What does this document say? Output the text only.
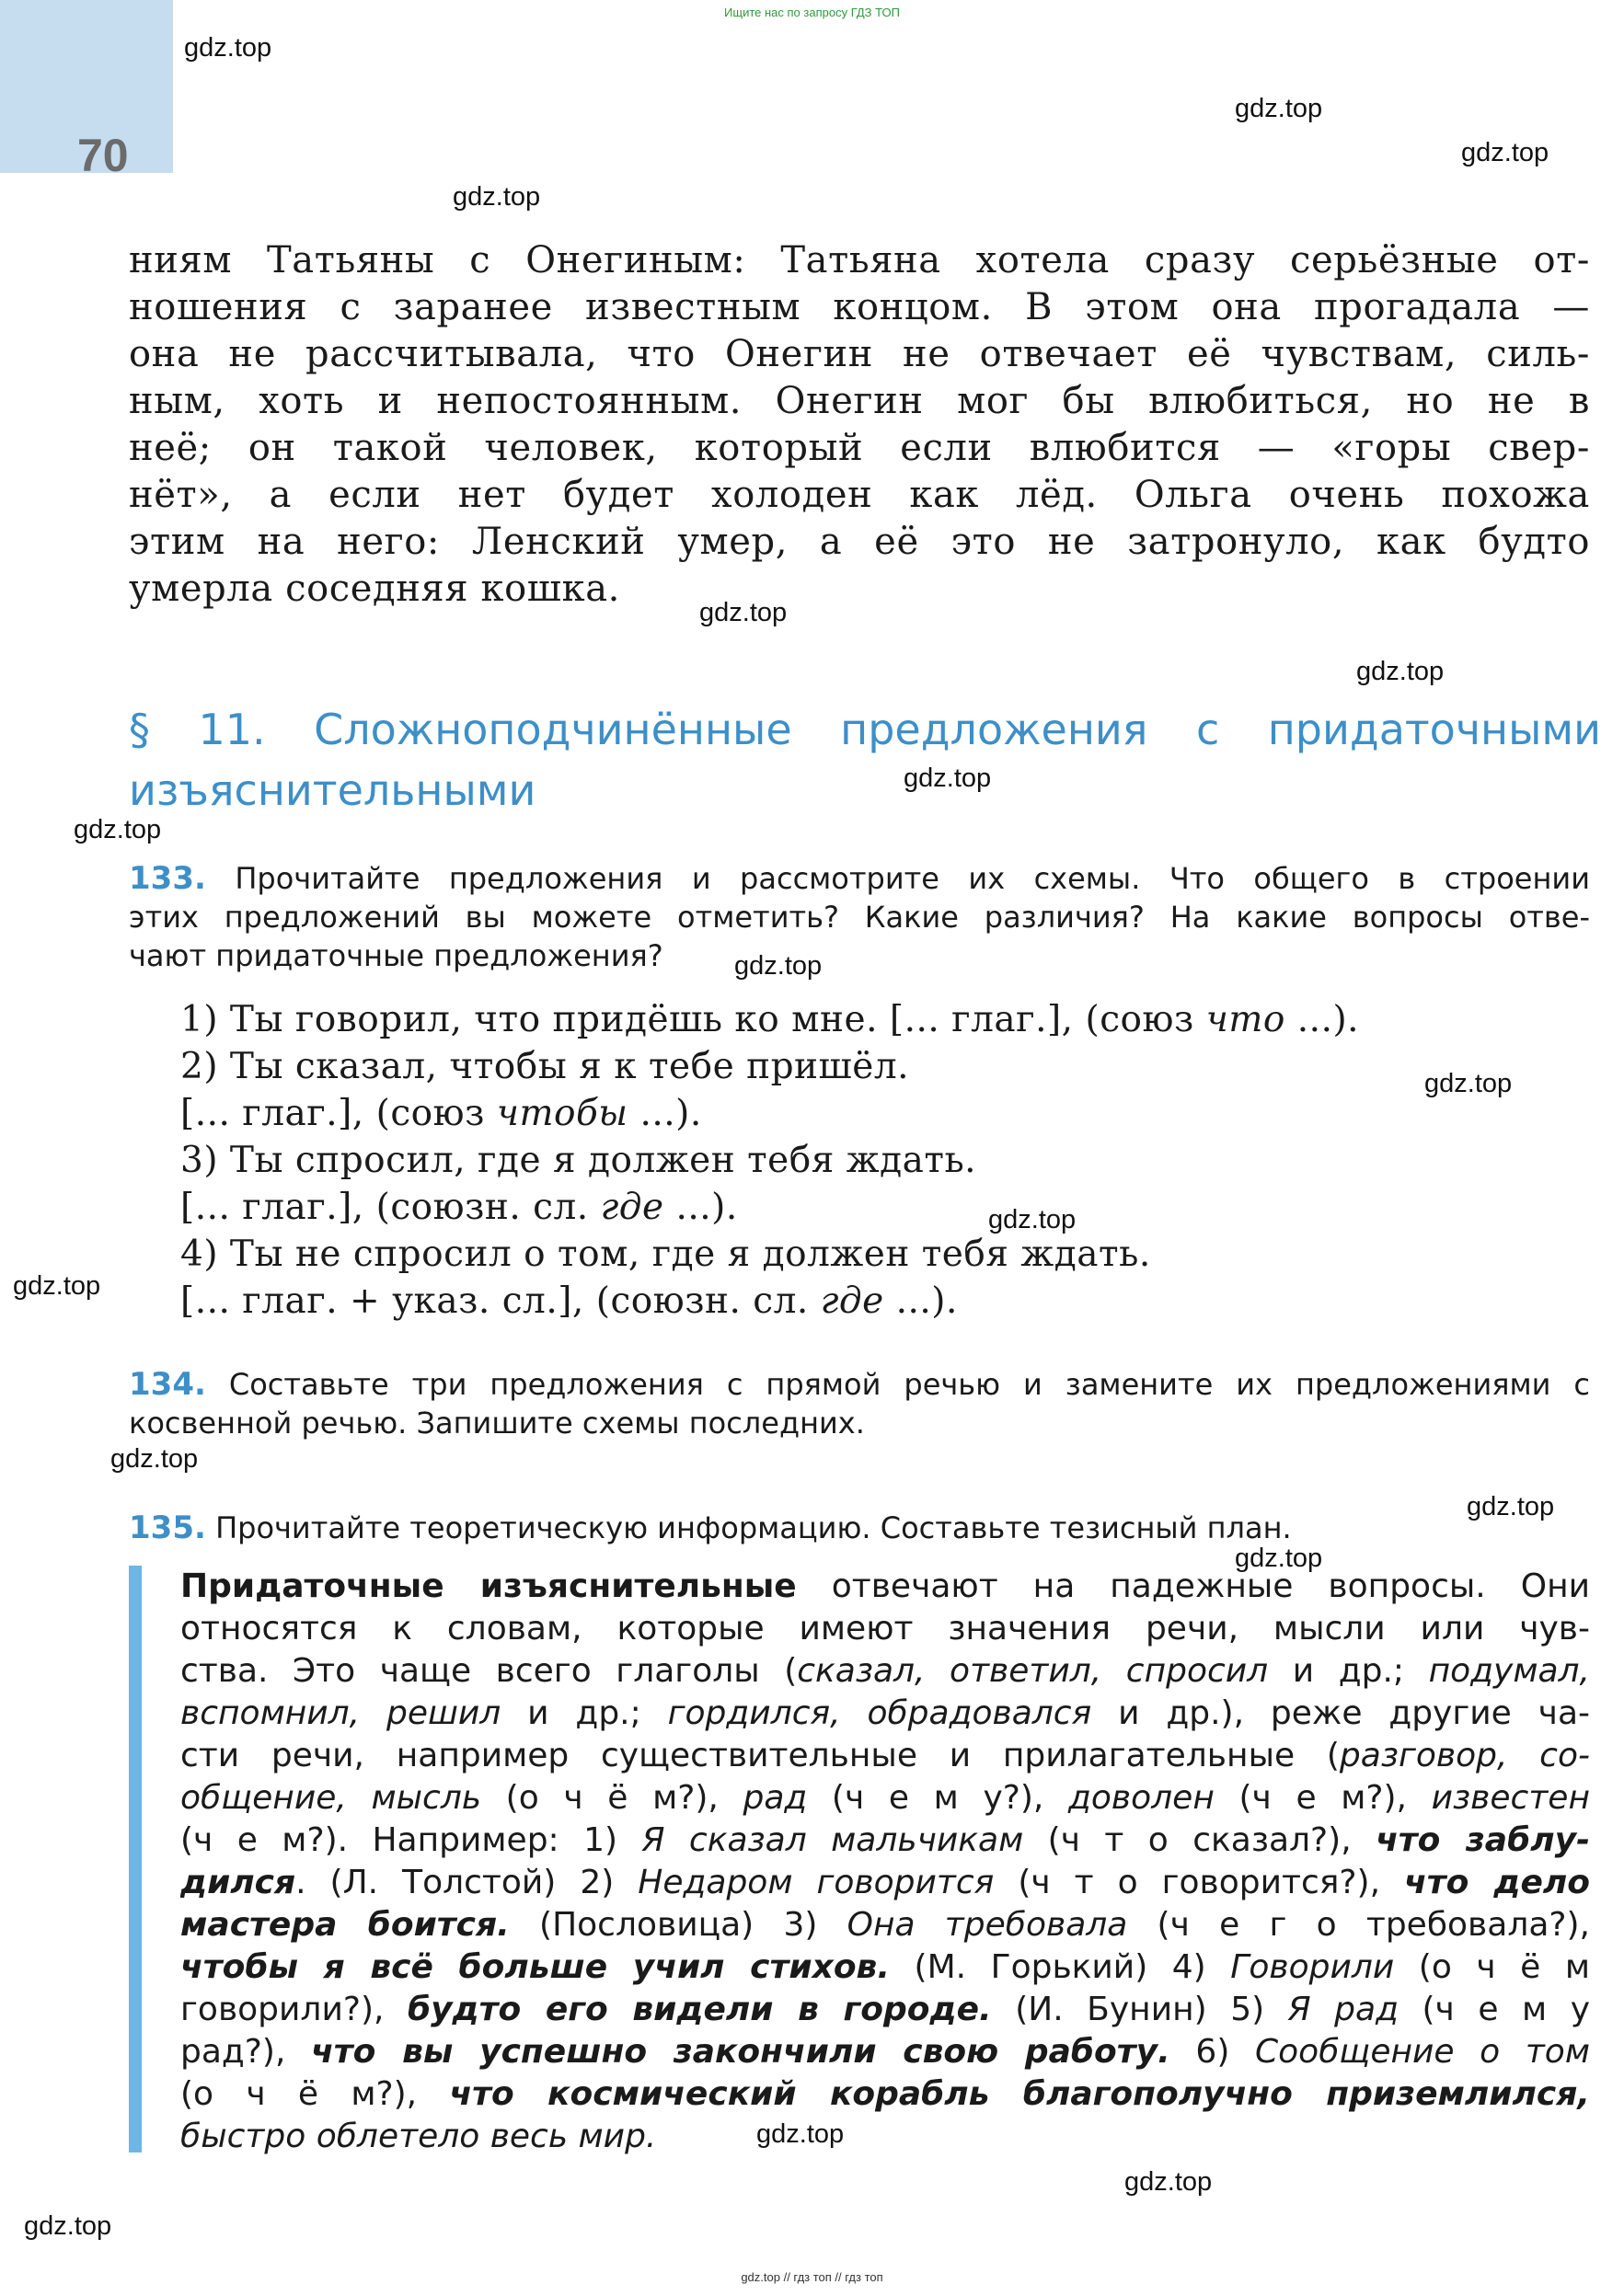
Ищите нас по запросу ГДЗ ТОП
70
gdz.top
gdz.top
gdz.top
gdz.top
gdz.top
gdz.top
gdz.top
gdz.top
gdz.top
gdz.top
gdz.top
gdz.top
gdz.top
gdz.top
gdz.top
gdz.top
gdz.top
gdz.top
ниям Татьяны с Онегиным: Татьяна хотела сразу серьёзные от-
ношения с заранее известным концом. В этом она прогадала —
она не рассчитывала, что Онегин не отвечает её чувствам, силь-
ным, хоть и непостоянным. Онегин мог бы влюбиться, но не в
неё; он такой человек, который если влюбится — «горы свер-
нёт», а если нет будет холоден как лёд. Ольга очень похожа
этим на него: Ленский умер, а её это не затронуло, как будто
умерла соседняя кошка.
§ 11. Сложноподчинённые предложения с придаточными
изъяснительными
133. Прочитайте предложения и рассмотрите их схемы. Что общего в строении
этих предложений вы можете отметить? Какие различия? На какие вопросы отве-
чают придаточные предложения?
1) Ты говорил, что придёшь ко мне. [... глаг.], (союз что ...).
2) Ты сказал, чтобы я к тебе пришёл.
[... глаг.], (союз чтобы ...).
3) Ты спросил, где я должен тебя ждать.
[... глаг.], (союзн. сл. где ...).
4) Ты не спросил о том, где я должен тебя ждать.
[... глаг. + указ. сл.], (союзн. сл. где ...).
134. Составьте три предложения с прямой речью и замените их предложениями с
косвенной речью. Запишите схемы последних.
135. Прочитайте теоретическую информацию. Составьте тезисный план.
Придаточные изъяснительные отвечают на падежные вопросы. Они
относятся к словам, которые имеют значения речи, мысли или чув-
ства. Это чаще всего глаголы (сказал, ответил, спросил и др.; подумал,
вспомнил, решил и др.; гордился, обрадовался и др.), реже другие ча-
сти речи, например существительные и прилагательные (разговор, со-
общение, мысль (о ч ё м?), рад (ч е м у?), доволен (ч е м?), известен
(ч е м?). Например: 1) Я сказал мальчикам (ч т о сказал?), что заблу-
дился. (Л. Толстой) 2) Недаром говорится (ч т о говорится?), что дело
мастера боится. (Пословица) 3) Она требовала (ч е г о требовала?),
чтобы я всё больше учил стихов. (М. Горький) 4) Говорили (о ч ё м
говорили?), будто его видели в городе. (И. Бунин) 5) Я рад (ч е м у
рад?), что вы успешно закончили свою работу. 6) Сообщение о том
(о ч ё м?), что космический корабль благополучно приземлился,
быстро облетело весь мир.
gdz.top // гдз топ // гдз топ
